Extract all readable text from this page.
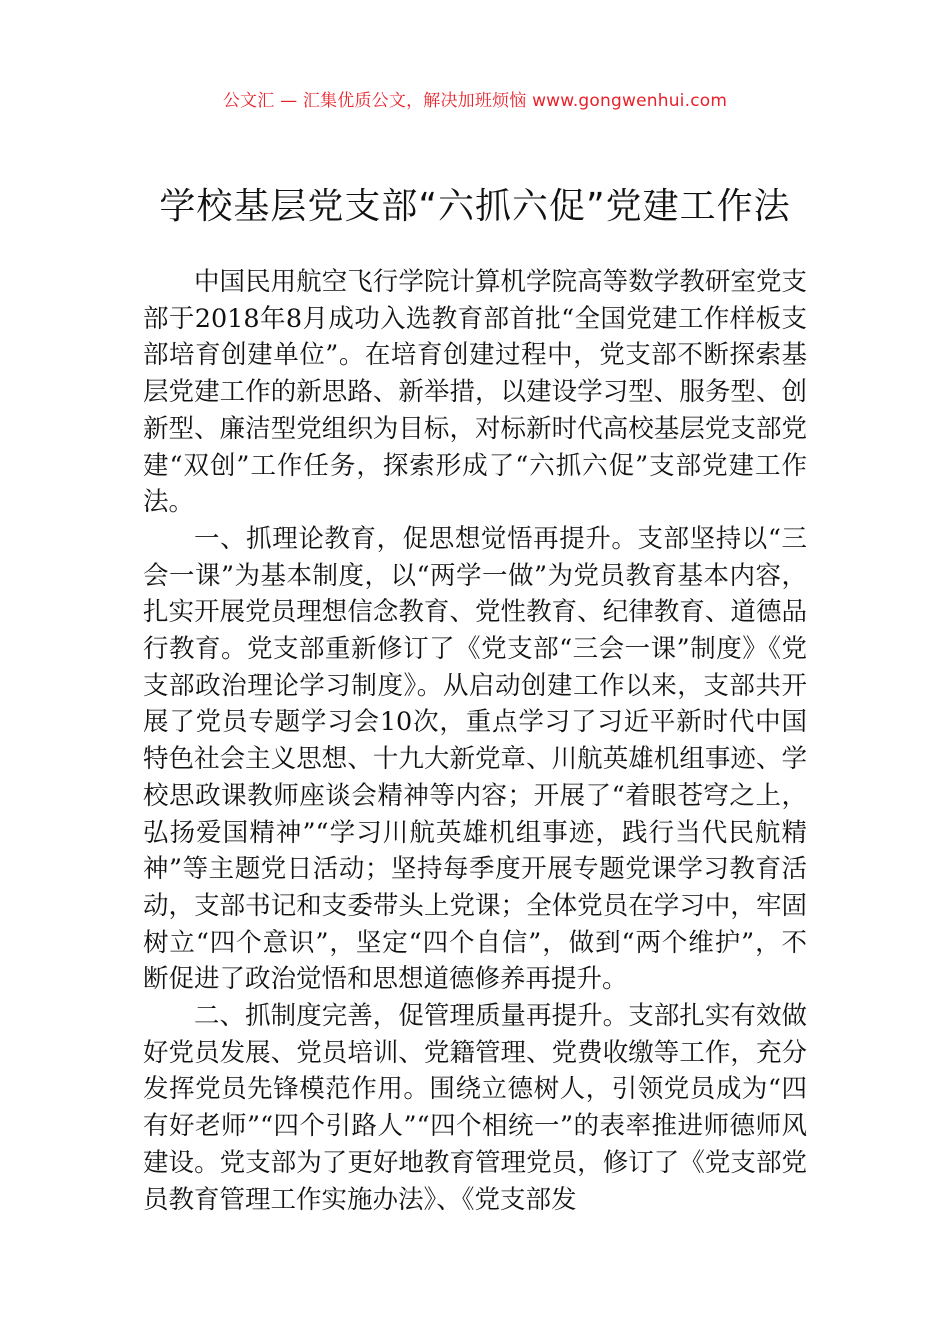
公文汇 — 汇集优质公文，解决加班烦恼 www.gongwenhui.com
学校基层党支部“六抓六促”党建工作法

中国民用航空飞行学院计算机学院高等数学教研室党支部于2018年8月成功入选教育部首批“全国党建工作样板支部培育创建单位”。在培育创建过程中，党支部不断探索基层党建工作的新思路、新举措，以建设学习型、服务型、创新型、廉洁型党组织为目标，对标新时代高校基层党支部党建“双创”工作任务，探索形成了“六抓六促”支部党建工作法。

一、抓理论教育，促思想觉悟再提升。支部坚持以“三会一课”为基本制度，以“两学一做”为党员教育基本内容，扎实开展党员理想信念教育、党性教育、纪律教育、道德品行教育。党支部重新修订了《党支部“三会一课”制度》《党支部政治理论学习制度》。从启动创建工作以来，支部共开展了党员专题学习会10次，重点学习了习近平新时代中国特色社会主义思想、十九大新党章、川航英雄机组事迹、学校思政课教师座谈会精神等内容；开展了“着眼苍穹之上，弘扬爱国精神”“学习川航英雄机组事迹，践行当代民航精神”等主题党日活动；坚持每季度开展专题党课学习教育活动，支部书记和支委带头上党课；全体党员在学习中，牢固树立“四个意识”，坚定“四个自信”，做到“两个维护”，不断促进了政治觉悟和思想道德修养再提升。

二、抓制度完善，促管理质量再提升。支部扎实有效做好党员发展、党员培训、党籍管理、党费收缴等工作，充分发挥党员先锋模范作用。围绕立德树人，引领党员成为“四有好老师”“四个引路人”“四个相统一”的表率推进师德师风建设。党支部为了更好地教育管理党员，修订了《党支部党员教育管理工作实施办法》、《党支部发
